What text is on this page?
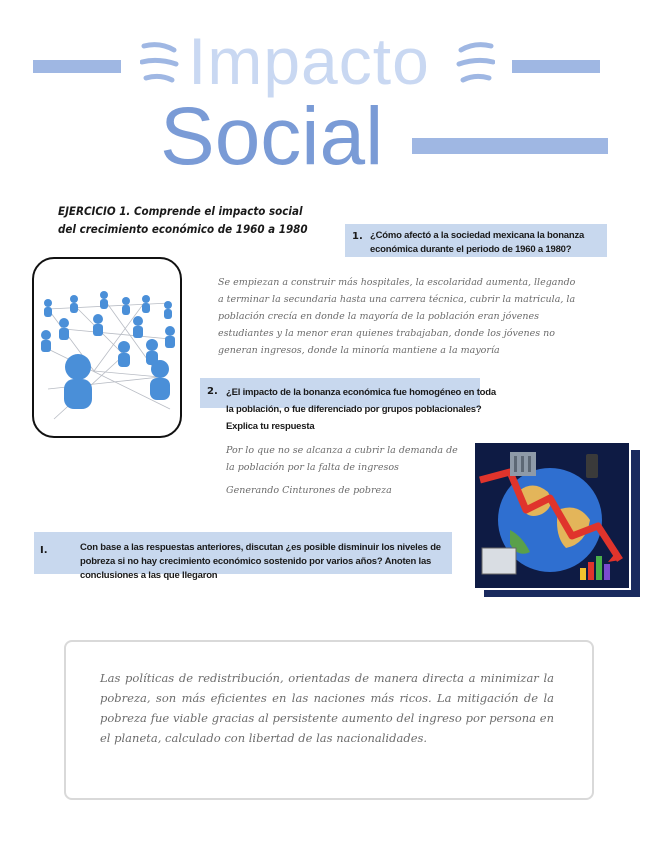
Impacto
Social
EJERCICIO 1. Comprende el impacto social del crecimiento económico de 1960 a 1980
1. ¿Cómo afectó a la sociedad mexicana la bonanza económica durante el periodo de 1960 a 1980?
Se empiezan a construir más hospitales, la escolaridad aumenta, llegando a terminar la secundaria hasta una carrera técnica, cubrir la matricula, la población crecía en donde la mayoría de la población eran jóvenes estudiantes y la menor eran quienes trabajaban, donde los jóvenes no generan ingresos, donde la minoría mantiene a la mayoría
2. ¿El impacto de la bonanza económica fue homogéneo en toda la población, o fue diferenciado por grupos poblacionales? Explica tu respuesta
Por lo que no se alcanza a cubrir la demanda de la población por la falta de ingresos
Generando Cinturones de pobreza
I.	Con base a las respuestas anteriores, discutan ¿es posible disminuir los niveles de pobreza si no hay crecimiento económico sostenido por varios años? Anoten las conclusiones a las que llegaron

Las políticas de redistribución, orientadas de manera directa a minimizar la pobreza, son más eficientes en las naciones más ricos. La mitigación de la pobreza fue viable gracias al persistente aumento del ingreso por persona en el planeta, calculado con libertad de las nacionalidades.
